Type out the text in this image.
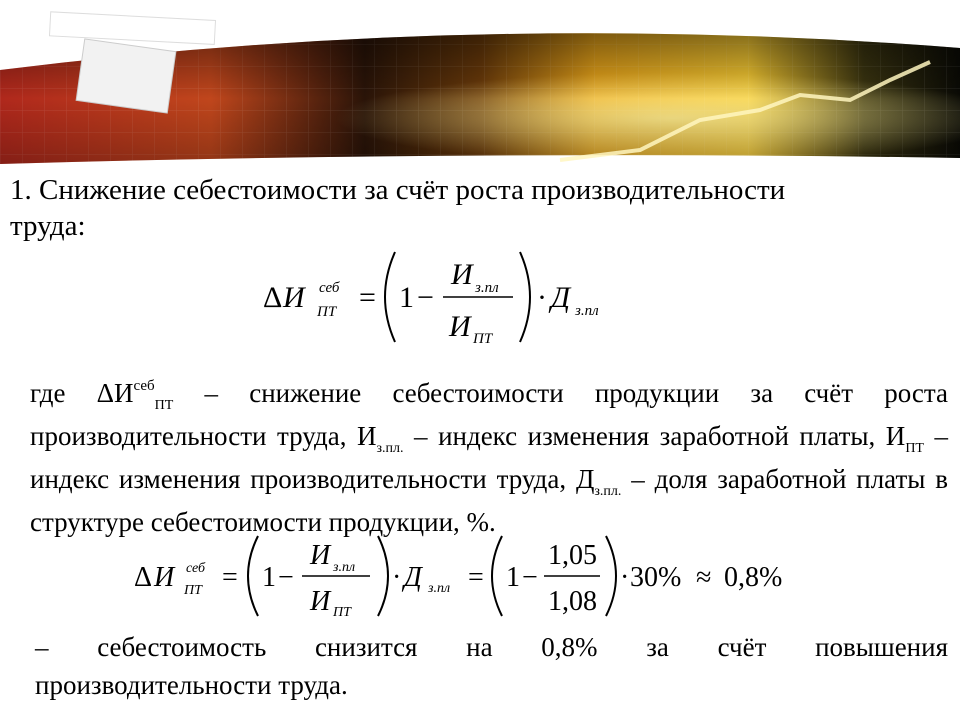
1. Снижение себестоимости за счёт роста производительности
труда:
Δ И себ
ПТ = 1 −
И з.пл
И ПТ
· Д з.пл
где $\Delta И^{себ}_{ПТ}$ – снижение себестоимости продукции за счёт роста производительности труда, $И_{з.пл.}$ – индекс изменения заработной платы, $И_{ПТ}$ – индекс изменения производительности труда, $Д_{з.пл.}$ – доля заработной платы в структуре себестоимости продукции, %.
Δ И себ
ПТ = 1 −
И з.пл
И ПТ
· Д з.пл = 1 −
1,05
1,08
· 30% ≈ 0,8%
– себестоимость снизится на 0,8% за счёт повышения
производительности труда.
